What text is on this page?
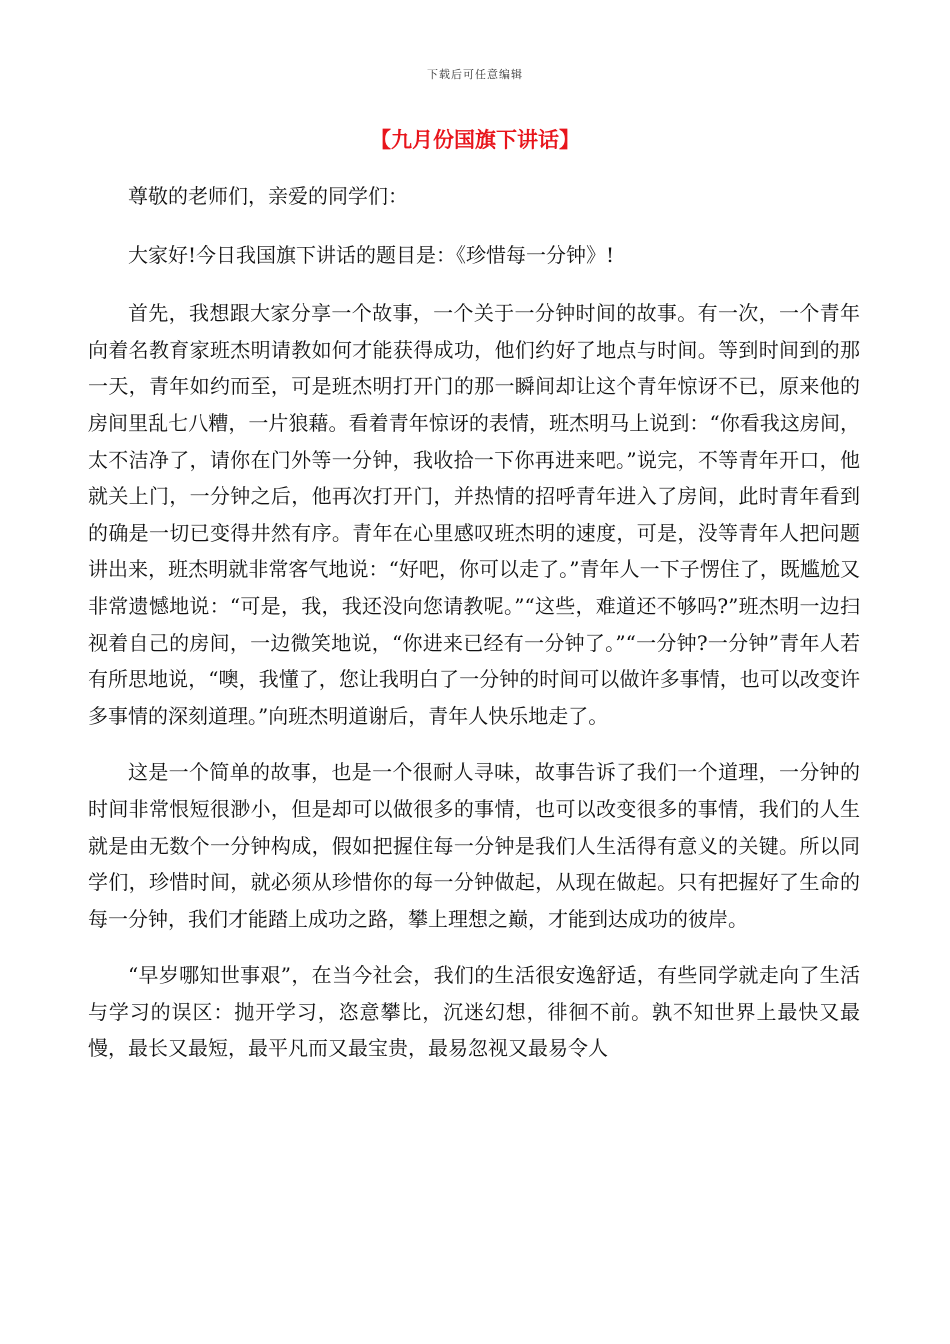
下载后可任意编辑
【九月份国旗下讲话】

尊敬的老师们，亲爱的同学们：

大家好!今日我国旗下讲话的题目是：《珍惜每一分钟》!

首先，我想跟大家分享一个故事，一个关于一分钟时间的故事。有一次，一个青年向着名教育家班杰明请教如何才能获得成功，他们约好了地点与时间。等到时间到的那一天，青年如约而至，可是班杰明打开门的那一瞬间却让这个青年惊讶不已，原来他的房间里乱七八糟，一片狼藉。看着青年惊讶的表情，班杰明马上说到：“你看我这房间，太不洁净了，请你在门外等一分钟，我收拾一下你再进来吧。”说完，不等青年开口，他就关上门，一分钟之后，他再次打开门，并热情的招呼青年进入了房间，此时青年看到的确是一切已变得井然有序。青年在心里感叹班杰明的速度，可是，没等青年人把问题讲出来，班杰明就非常客气地说：“好吧，你可以走了。”青年人一下子愣住了，既尴尬又非常遗憾地说：“可是，我，我还没向您请教呢。”“这些，难道还不够吗?”班杰明一边扫视着自己的房间，一边微笑地说，“你进来已经有一分钟了。”“一分钟?一分钟”青年人若有所思地说，“噢，我懂了，您让我明白了一分钟的时间可以做许多事情，也可以改变许多事情的深刻道理。”向班杰明道谢后，青年人快乐地走了。

这是一个简单的故事，也是一个很耐人寻味，故事告诉了我们一个道理，一分钟的时间非常恨短很渺小，但是却可以做很多的事情，也可以改变很多的事情，我们的人生就是由无数个一分钟构成，假如把握住每一分钟是我们人生活得有意义的关键。所以同学们，珍惜时间，就必须从珍惜你的每一分钟做起，从现在做起。只有把握好了生命的每一分钟，我们才能踏上成功之路，攀上理想之巅，才能到达成功的彼岸。

“早岁哪知世事艰”，在当今社会，我们的生活很安逸舒适，有些同学就走向了生活与学习的误区：抛开学习，恣意攀比，沉迷幻想，徘徊不前。孰不知世界上最快又最慢，最长又最短，最平凡而又最宝贵，最易忽视又最易令人
